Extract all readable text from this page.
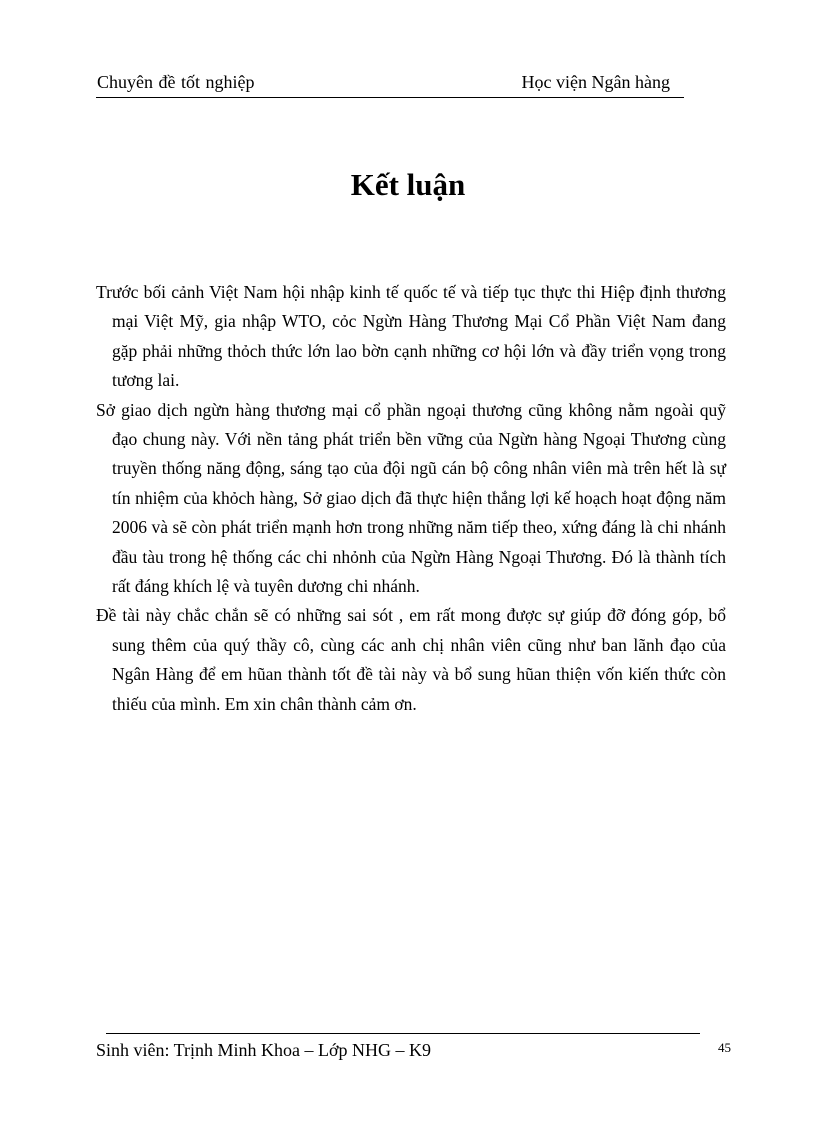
Chuyên đề tốt nghiệp	Học viện Ngân hàng
Kết luận

Trước bối cảnh Việt Nam hội nhập kinh tế quốc tế và tiếp tục thực thi Hiệp định thương mại Việt Mỹ, gia nhập WTO, cỏc Ngừn Hàng Thương Mại Cổ Phần Việt Nam đang gặp phải những thỏch thức lớn lao bờn cạnh những cơ hội lớn và đầy triển vọng trong tương lai.

Sở giao dịch ngừn hàng thương mại cổ phần ngoại thương cũng không nằm ngoài quỹ đạo chung này. Với nền tảng phát triển bền vững của Ngừn hàng Ngoại Thương cùng truyền thống năng động, sáng tạo của đội ngũ cán bộ công nhân viên mà trên hết là sự tín nhiệm của khỏch hàng, Sở giao dịch đã thực hiện thắng lợi kế hoạch hoạt động năm 2006 và sẽ còn phát triển mạnh hơn trong những năm tiếp theo, xứng đáng là chi nhánh đầu tàu trong hệ thống các chi nhỏnh của Ngừn Hàng Ngoại Thương. Đó là thành tích rất đáng khích lệ và tuyên dương chi nhánh.

Đề tài này chắc chắn sẽ có những sai sót , em rất mong được sự giúp đỡ đóng góp, bổ sung thêm của quý thầy cô, cùng các anh chị nhân viên cũng như ban lãnh đạo của Ngân Hàng để em hũan thành tốt đề tài này và bổ sung hũan thiện vốn kiến thức còn thiếu của mình. Em xin chân thành cảm ơn.

Sinh viên: Trịnh Minh Khoa – Lớp NHG – K9	45
